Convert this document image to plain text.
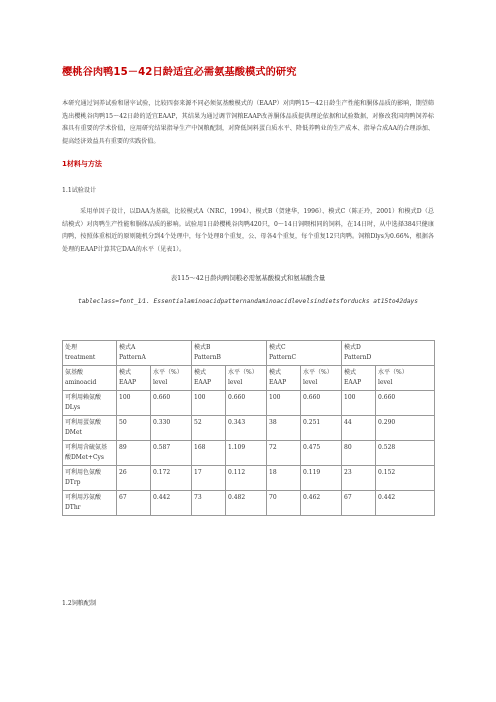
樱桃谷肉鸭15－42日龄适宜必需氨基酸模式的研究

本研究通过饲养试验和屠宰试验，比较四套来源不同必须氨基酸模式的（EAAP）对肉鸭15～42日龄生产性能和胴体品质的影响，期望筛选出樱桃谷肉鸭15～42日龄的适宜EAAP，其结果为通过调节饲粮EAAP改善胴体品质提供理论依据和试验数据，对修改我国肉鸭饲养标准具有重要的学术价值，应用研究结果指导生产中饲粮配制，对降低饲料蛋白质水平、降低养鸭业的生产成本、指导合成AA的合理添加、提高经济效益具有重要的实践价值。

1材料与方法
1.1试验设计

采用单因子设计，以DAA为基础，比较模式A（NRC，1994）、模式B（贺建华，1996）、模式C（陈正玲，2001）和模式D（总结模式）对肉鸭生产性能和胴体品质的影响。试验用1日龄樱桃谷肉鸭420只，0～14日饲喂相同的饲料，在14日时，从中选择384只健康肉鸭，按照体重相近的原则随机分到4个处理中，每个处理8个重复，公、母各4个重复，每个重复12只肉鸭。饲粮Dlys为0.66%，根据各处理的EAAP计算其它DAA的水平（见表1）。

表115～42日龄肉鸭饲粮必需氨基酸模式和氨基酸含量
tableclass=font_1⁄1. Essentialaminoacidpatternandaminoacidlevelsindietsforducks at15to42days
处理
treatment	模式A
PatternA		模式B
PatternB		模式C
PatternC		模式D
PatternD	

氨基酸
aminoacid	模式
EAAP	水平（%）
level	模式
EAAP	水平（%）
level	模式
EAAP	水平（%）
level	模式
EAAP	水平（%）
level

可利用赖氨酸
DLys	100	0.660	100	0.660	100	0.660	100	0.660

可利用蛋氨酸
DMet	50	0.330	52	0.343	38	0.251	44	0.290

可利用含硫氨基
酸DMet+Cys	89	0.587	168	1.109	72	0.475	80	0.528

可利用色氨酸
DTrp	26	0.172	17	0.112	18	0.119	23	0.152

可利用苏氨酸
DThr	67	0.442	73	0.482	70	0.462	67	0.442
1.2饲粮配制
